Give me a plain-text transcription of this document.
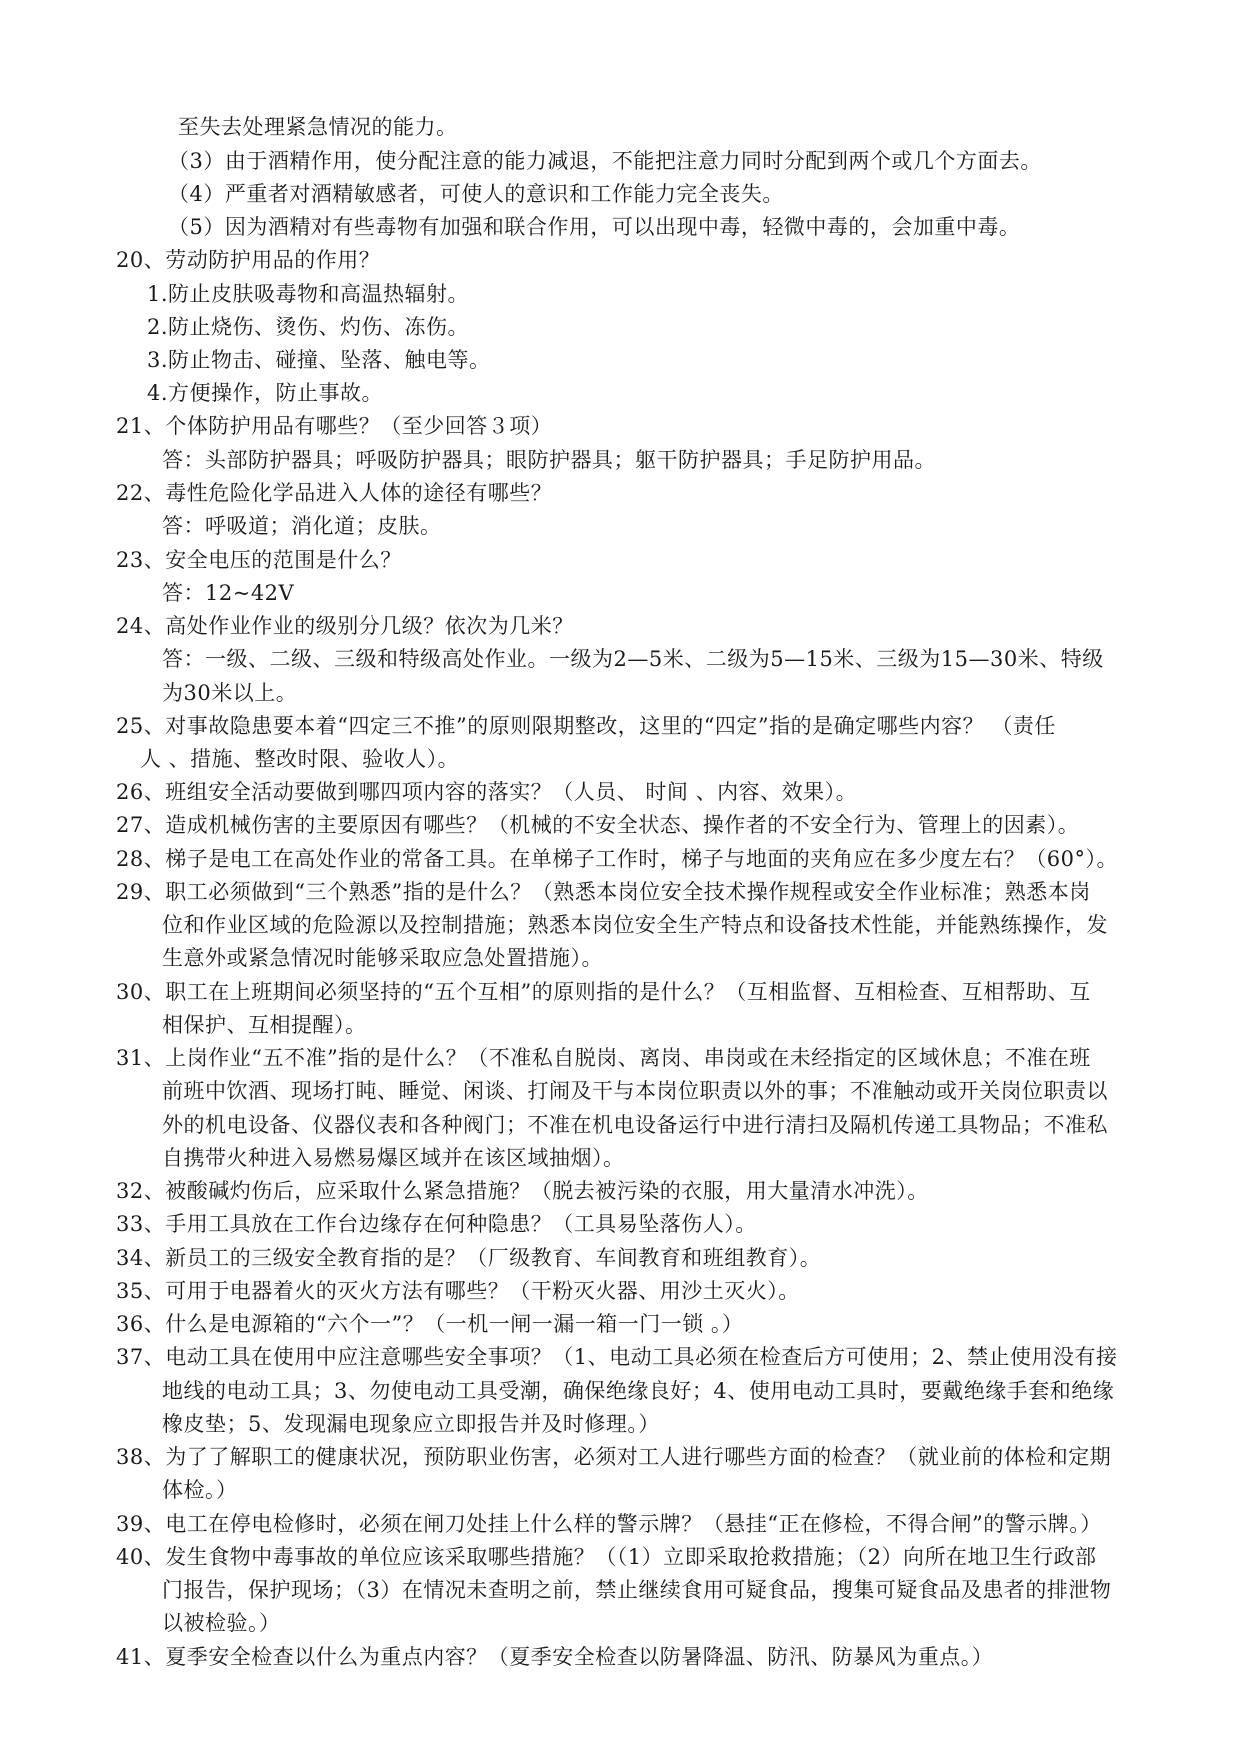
至失去处理紧急情况的能力。
（3）由于酒精作用，使分配注意的能力减退，不能把注意力同时分配到两个或几个方面去。
（4）严重者对酒精敏感者，可使人的意识和工作能力完全丧失。
（5）因为酒精对有些毒物有加强和联合作用，可以出现中毒，轻微中毒的，会加重中毒。
20、劳动防护用品的作用？
1.防止皮肤吸毒物和高温热辐射。
2.防止烧伤、烫伤、灼伤、冻伤。
3.防止物击、碰撞、坠落、触电等。
4.方便操作，防止事故。
21、个体防护用品有哪些？（至少回答３项）
答：头部防护器具；呼吸防护器具；眼防护器具；躯干防护器具；手足防护用品。
22、毒性危险化学品进入人体的途径有哪些？
答：呼吸道；消化道；皮肤。
23、安全电压的范围是什么？
答：12~42V
24、高处作业作业的级别分几级？依次为几米？
答：一级、二级、三级和特级高处作业。一级为2—5米、二级为5—15米、三级为15—30米、特级
为30米以上。
25、对事故隐患要本着“四定三不推”的原则限期整改，这里的“四定”指的是确定哪些内容？ （责任
人 、措施、整改时限、验收人）。
26、班组安全活动要做到哪四项内容的落实？（人员、 时间 、内容、效果）。
27、造成机械伤害的主要原因有哪些？（机械的不安全状态、操作者的不安全行为、管理上的因素）。
28、梯子是电工在高处作业的常备工具。在单梯子工作时，梯子与地面的夹角应在多少度左右？（60°）。
29、职工必须做到“三个熟悉”指的是什么？（熟悉本岗位安全技术操作规程或安全作业标准；熟悉本岗
位和作业区域的危险源以及控制措施；熟悉本岗位安全生产特点和设备技术性能，并能熟练操作，发
生意外或紧急情况时能够采取应急处置措施）。
30、职工在上班期间必须坚持的“五个互相”的原则指的是什么？（互相监督、互相检查、互相帮助、互
相保护、互相提醒）。
31、上岗作业“五不准”指的是什么？（不准私自脱岗、离岗、串岗或在未经指定的区域休息；不准在班
前班中饮酒、现场打盹、睡觉、闲谈、打闹及干与本岗位职责以外的事；不准触动或开关岗位职责以
外的机电设备、仪器仪表和各种阀门；不准在机电设备运行中进行清扫及隔机传递工具物品；不准私
自携带火种进入易燃易爆区域并在该区域抽烟）。
32、被酸碱灼伤后，应采取什么紧急措施？（脱去被污染的衣服，用大量清水冲洗）。
33、手用工具放在工作台边缘存在何种隐患？（工具易坠落伤人）。
34、新员工的三级安全教育指的是？（厂级教育、车间教育和班组教育）。
35、可用于电器着火的灭火方法有哪些？（干粉灭火器、用沙土灭火）。
36、什么是电源箱的“六个一”？（一机一闸一漏一箱一门一锁 。）
37、电动工具在使用中应注意哪些安全事项？（1、电动工具必须在检查后方可使用；2、禁止使用没有接
地线的电动工具；3、勿使电动工具受潮，确保绝缘良好；4、使用电动工具时，要戴绝缘手套和绝缘
橡皮垫；5、发现漏电现象应立即报告并及时修理。）
38、为了了解职工的健康状况，预防职业伤害，必须对工人进行哪些方面的检查？（就业前的体检和定期
体检。）
39、电工在停电检修时，必须在闸刀处挂上什么样的警示牌？（悬挂“正在修检，不得合闸”的警示牌。）
40、发生食物中毒事故的单位应该采取哪些措施？（（1）立即采取抢救措施；（2）向所在地卫生行政部
门报告，保护现场；（3）在情况未查明之前，禁止继续食用可疑食品，搜集可疑食品及患者的排泄物
以被检验。）
41、夏季安全检查以什么为重点内容？（夏季安全检查以防暑降温、防汛、防暴风为重点。）
